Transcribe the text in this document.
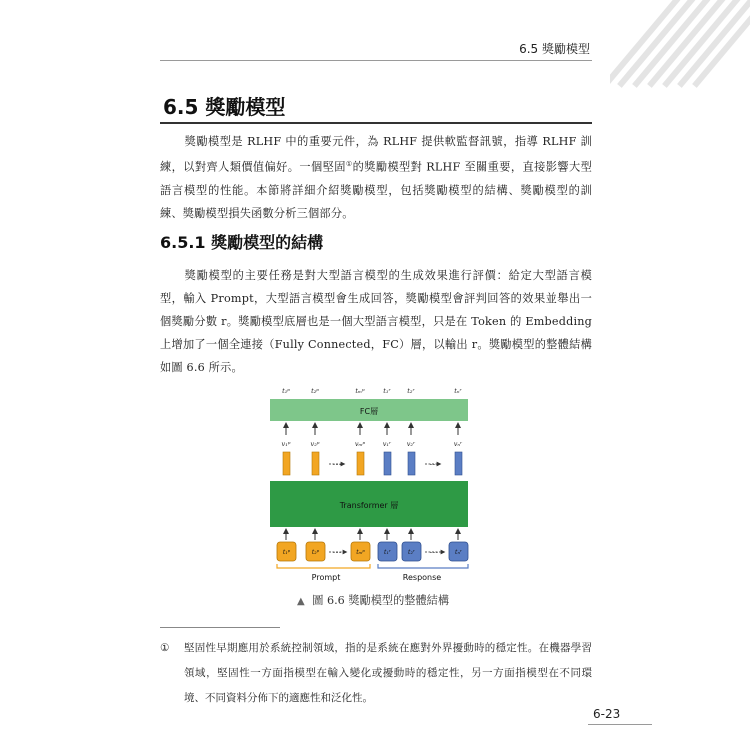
6.5 獎勵模型
6.5 獎勵模型
獎勵模型是 RLHF 中的重要元件，為 RLHF 提供軟監督訊號，指導 RLHF 訓練，以對齊人類價值偏好。一個堅固①的獎勵模型對 RLHF 至關重要，直接影響大型語言模型的性能。本節將詳細介紹獎勵模型，包括獎勵模型的結構、獎勵模型的訓練、獎勵模型損失函數分析三個部分。
6.5.1 獎勵模型的結構
獎勵模型的主要任務是對大型語言模型的生成效果進行評價：給定大型語言模型，輸入 Prompt，大型語言模型會生成回答，獎勵模型會評判回答的效果並舉出一個獎勵分數 r。獎勵模型底層也是一個大型語言模型，只是在 Token 的 Embedding 上增加了一個全連接（Fully Connected，FC）層，以輸出 r。獎勵模型的整體結構如圖 6.6 所示。
t₁ᵖ	t₂ᵖ	tₘᵖ	t₁ʳ	t₂ʳ	tₙʳ
FC層
v₁ᵖ	v₂ᵖ	vₘᵖ	v₁ʳ v₂ʳ	vₙʳ
⋯	⋯
Transformer 層
t₁ᵖ	t₂ᵖ	tₘᵖ	t₁ʳ	t₂ʳ	tₙʳ
⋯	⋯
Prompt	Response
▲ 圖 6.6 獎勵模型的整體結構
① 堅固性早期應用於系統控制領域，指的是系統在應對外界擾動時的穩定性。在機器學習領域，堅固性一方面指模型在輸入變化或擾動時的穩定性，另一方面指模型在不同環境、不同資料分佈下的適應性和泛化性。
6-23
